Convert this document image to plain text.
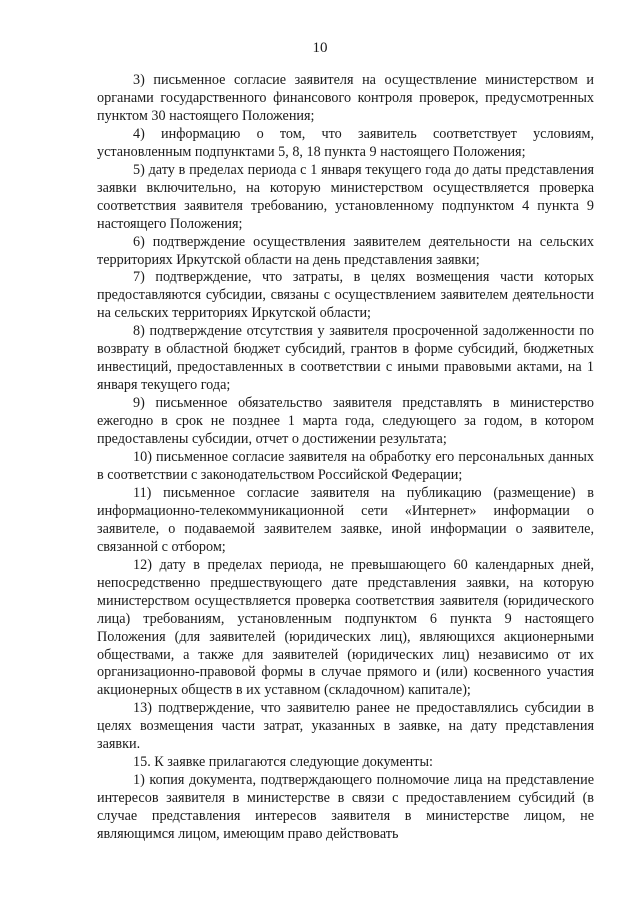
10

3) письменное согласие заявителя на осуществление министерством и органами государственного финансового контроля проверок, предусмотренных пунктом 30 настоящего Положения;

4) информацию о том, что заявитель соответствует условиям, установленным подпунктами 5, 8, 18 пункта 9 настоящего Положения;

5) дату в пределах периода с 1 января текущего года до даты представления заявки включительно, на которую министерством осуществляется проверка соответствия заявителя требованию, установленному подпунктом 4 пункта 9 настоящего Положения;

6) подтверждение осуществления заявителем деятельности на сельских территориях Иркутской области на день представления заявки;

7) подтверждение, что затраты, в целях возмещения части которых предоставляются субсидии, связаны с осуществлением заявителем деятельности на сельских территориях Иркутской области;

8) подтверждение отсутствия у заявителя просроченной задолженности по возврату в областной бюджет субсидий, грантов в форме субсидий, бюджетных инвестиций, предоставленных в соответствии с иными правовыми актами, на 1 января текущего года;

9) письменное обязательство заявителя представлять в министерство ежегодно в срок не позднее 1 марта года, следующего за годом, в котором предоставлены субсидии, отчет о достижении результата;

10) письменное согласие заявителя на обработку его персональных данных в соответствии с законодательством Российской Федерации;

11) письменное согласие заявителя на публикацию (размещение) в информационно-телекоммуникационной сети «Интернет» информации о заявителе, о подаваемой заявителем заявке, иной информации о заявителе, связанной с отбором;

12) дату в пределах периода, не превышающего 60 календарных дней, непосредственно предшествующего дате представления заявки, на которую министерством осуществляется проверка соответствия заявителя (юридического лица) требованиям, установленным подпунктом 6 пункта 9 настоящего Положения (для заявителей (юридических лиц), являющихся акционерными обществами, а также для заявителей (юридических лиц) независимо от их организационно-правовой формы в случае прямого и (или) косвенного участия акционерных обществ в их уставном (складочном) капитале);

13) подтверждение, что заявителю ранее не предоставлялись субсидии в целях возмещения части затрат, указанных в заявке, на дату представления заявки.

15. К заявке прилагаются следующие документы:

1) копия документа, подтверждающего полномочие лица на представление интересов заявителя в министерстве в связи с предоставлением субсидий (в случае представления интересов заявителя в министерстве лицом, не являющимся лицом, имеющим право действовать
